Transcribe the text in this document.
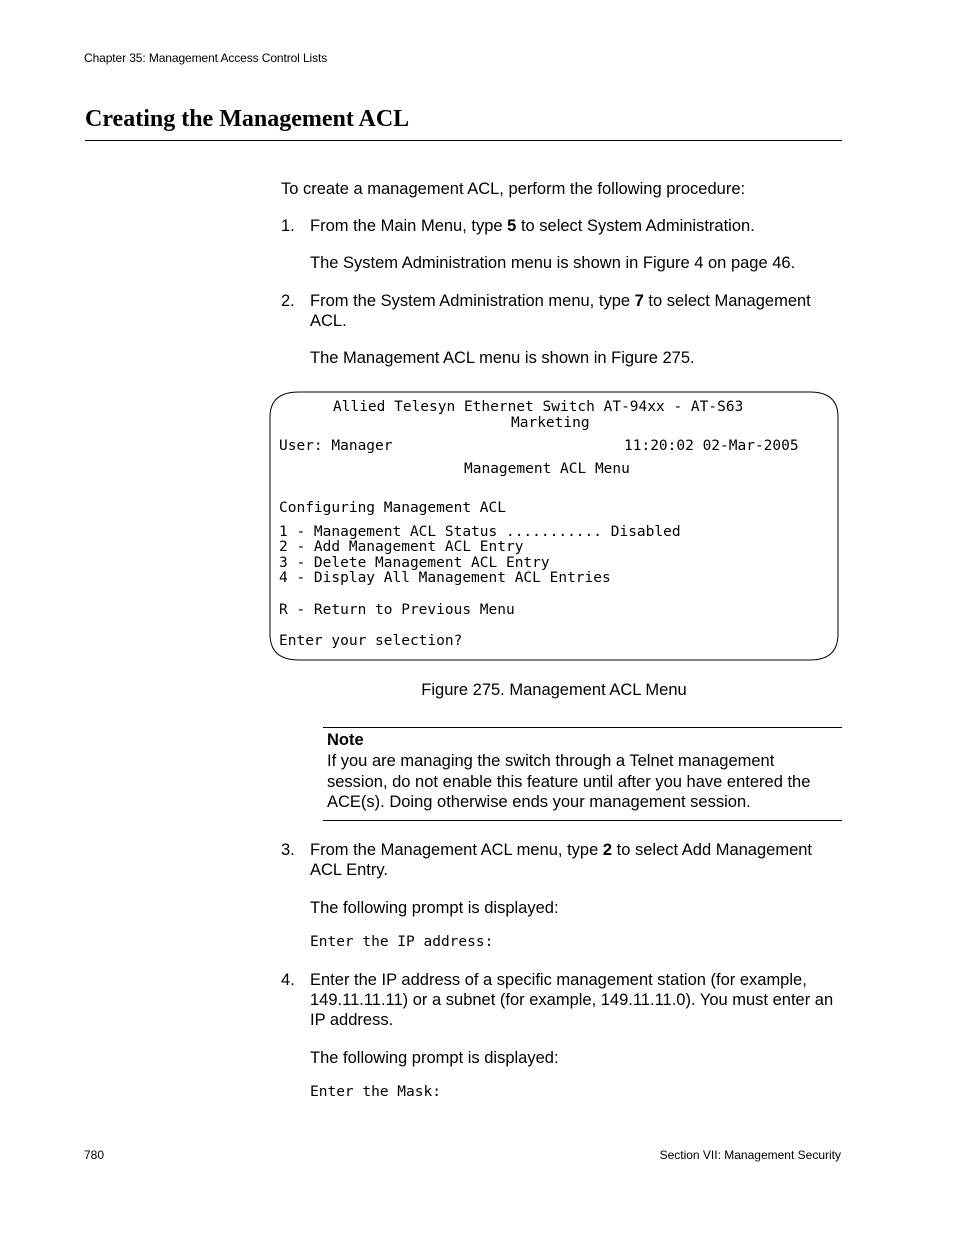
Chapter 35: Management Access Control Lists
Creating the Management ACL
To create a management ACL, perform the following procedure:
1. From the Main Menu, type 5 to select System Administration.
The System Administration menu is shown in Figure 4 on page 46.
2. From the System Administration menu, type 7 to select Management ACL.
The Management ACL menu is shown in Figure 275.
Allied Telesyn Ethernet Switch AT-94xx - AT-S63
Marketing
User: Manager	11:20:02 02-Mar-2005
Management ACL Menu
Configuring Management ACL
1 - Management ACL Status ........... Disabled
2 - Add Management ACL Entry
3 - Delete Management ACL Entry
4 - Display All Management ACL Entries
R - Return to Previous Menu
Enter your selection?
Figure 275. Management ACL Menu
Note
If you are managing the switch through a Telnet management session, do not enable this feature until after you have entered the ACE(s). Doing otherwise ends your management session.
3. From the Management ACL menu, type 2 to select Add Management ACL Entry.
The following prompt is displayed:
Enter the IP address:
4. Enter the IP address of a specific management station (for example, 149.11.11.11) or a subnet (for example, 149.11.11.0). You must enter an IP address.
The following prompt is displayed:
Enter the Mask:
780	Section VII: Management Security
